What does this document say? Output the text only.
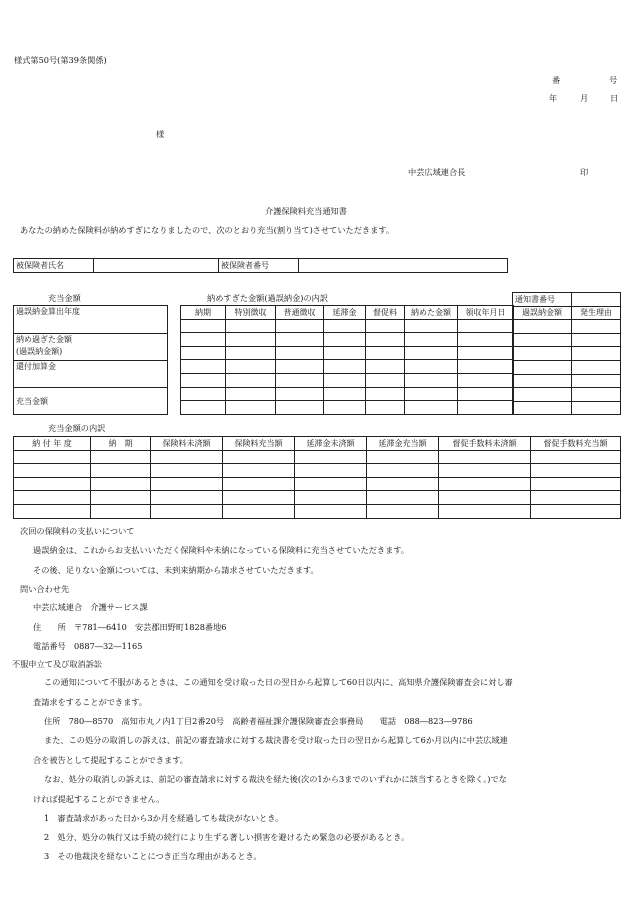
様式第50号(第39条関係)
番	号
年	月	日
様
中芸広域連合長	印
介護保険料充当通知書
あなたの納めた保険料が納めすぎになりましたので、次のとおり充当(割り当て)させていただきます。
被保険者氏名		被保険者番号	
充当金額	納めすぎた金額(過誤納金)の内訳
過誤納金算出年度
納め過ぎた金額
(過誤納金額)
還付加算金
充当金額
納期	特別徴収	普通徴収	延滞金	督促料	納めた金額	領収年月日

通知書番号	
過誤納金額	発生理由

充当金額の内訳
納 付 年 度	納　期	保険料未済額	保険料充当額	延滞金未済額	延滞金充当額	督促手数料未済額	督促手数料充当額

次回の保険料の支払いについて
過誤納金は、これからお支払いいただく保険料や未納になっている保険料に充当させていただきます。
その後、足りない金額については、未到来納期から請求させていただきます。
問い合わせ先
中芸広域連合　介護サービス課
住　　所　〒781―6410　安芸郡田野町1828番地6
電話番号　0887―32―1165
不服申立て及び取消訴訟
この通知について不服があるときは、この通知を受け取った日の翌日から起算して60日以内に、高知県介護保険審査会に対し審
査請求をすることができます。
住所　780―8570　高知市丸ノ内1丁目2番20号　高齢者福祉課介護保険審査会事務局　　電話　088―823―9786
また、この処分の取消しの訴えは、前記の審査請求に対する裁決書を受け取った日の翌日から起算して6か月以内に中芸広域連
合を被告として提起することができます。
なお、処分の取消しの訴えは、前記の審査請求に対する裁決を経た後(次の1から3までのいずれかに該当するときを除く。)でな
ければ提起することができません。
1　審査請求があった日から3か月を経過しても裁決がないとき。
2　処分、処分の執行又は手続の続行により生ずる著しい損害を避けるため緊急の必要があるとき。
3　その他裁決を経ないことにつき正当な理由があるとき。
